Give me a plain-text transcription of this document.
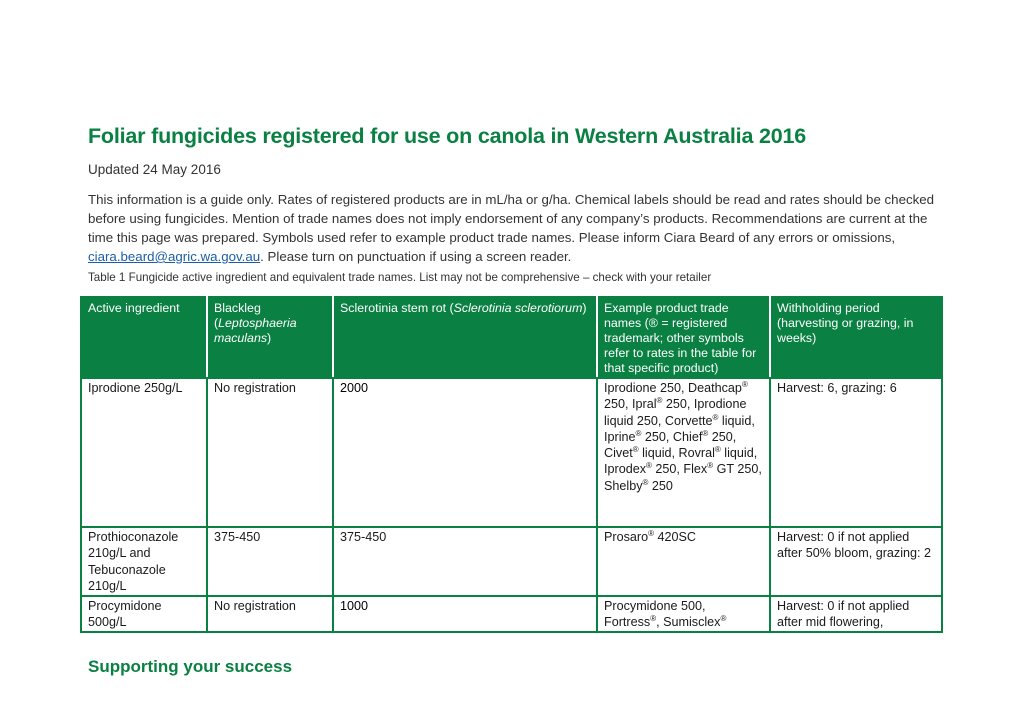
Foliar fungicides registered for use on canola in Western Australia 2016
Updated 24 May 2016

This information is a guide only. Rates of registered products are in mL/ha or g/ha. Chemical labels should be read and rates should be checked before using fungicides. Mention of trade names does not imply endorsement of any company’s products. Recommendations are current at the time this page was prepared. Symbols used refer to example product trade names. Please inform Ciara Beard of any errors or omissions, ciara.beard@agric.wa.gov.au. Please turn on punctuation if using a screen reader.

Table 1 Fungicide active ingredient and equivalent trade names. List may not be comprehensive – check with your retailer
Active ingredient	Blackleg (Leptosphaeria maculans)	Sclerotinia stem rot (Sclerotinia sclerotiorum)	Example product trade names (® = registered trademark; other symbols refer to rates in the table for that specific product)	Withholding period (harvesting or grazing, in weeks)
Iprodione 250g/L	No registration	2000	Iprodione 250, Deathcap® 250, Ipral® 250, Iprodione liquid 250, Corvette® liquid, Iprine® 250, Chief® 250, Civet® liquid, Rovral® liquid, Iprodex® 250, Flex® GT 250, Shelby® 250	Harvest: 6, grazing: 6
Prothioconazole 210g/L and Tebuconazole 210g/L	375-450	375-450	Prosaro® 420SC	Harvest: 0 if not applied after 50% bloom, grazing: 2
Procymidone 500g/L	No registration	1000	Procymidone 500, Fortress®, Sumisclex®	Harvest: 0 if not applied after mid flowering,
Supporting your success
